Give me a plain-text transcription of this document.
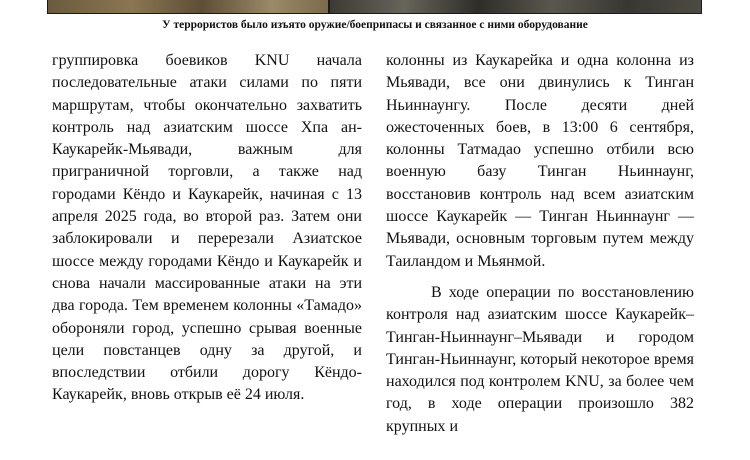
У террористов было изъято оружие/боеприпасы и связанное с ними оборудование

группировка боевиков KNU начала последовательные атаки силами по пяти маршрутам, чтобы окончательно захватить контроль над азиатским шоссе Хпа ан-Каукарейк-Мьявади, важным для приграничной торговли, а также над городами Кёндо и Каукарейк, начиная с 13 апреля 2025 года, во второй раз. Затем они заблокировали и перерезали Азиатское шоссе между городами Кёндо и Каукарейк и снова начали массированные атаки на эти два города. Тем временем колонны «Тамадо» обороняли город, успешно срывая военные цели повстанцев одну за другой, и впоследствии отбили дорогу Кёндо-Каукарейк, вновь открыв её 24 июля.

колонны из Каукарейка и одна колонна из Мьявади, все они двинулись к Тинган Ньиннаунгу. После десяти дней ожесточенных боев, в 13:00 6 сентября, колонны Татмадао успешно отбили всю военную базу Тинган Ньиннаунг, восстановив контроль над всем азиатским шоссе Каукарейк — Тинган Ньиннаунг — Мьявади, основным торговым путем между Таиландом и Мьянмой.

В ходе операции по восстановлению контроля над азиатским шоссе Каукарейк–Тинган-Ньиннаунг–Мьявади и городом Тинган-Ньиннаунг, который некоторое время находился под контролем KNU, за более чем год, в ходе операции произошло 382 крупных и
